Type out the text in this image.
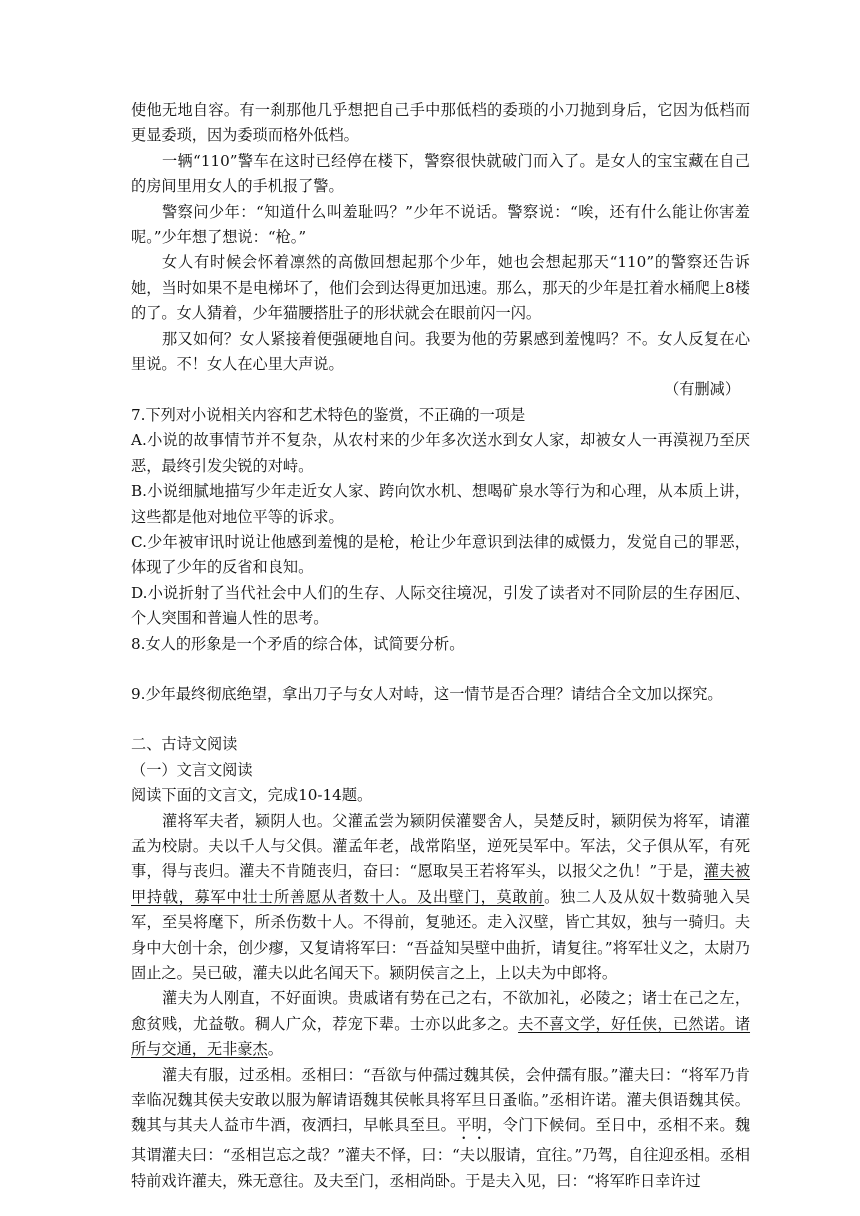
使他无地自容。有一刹那他几乎想把自己手中那低档的委琐的小刀抛到身后，它因为低档而更显委琐，因为委琐而格外低档。

一辆“110”警车在这时已经停在楼下，警察很快就破门而入了。是女人的宝宝藏在自己的房间里用女人的手机报了警。

警察问少年：“知道什么叫羞耻吗？”少年不说话。警察说：“唉，还有什么能让你害羞呢。”少年想了想说：“枪。”

女人有时候会怀着凛然的高傲回想起那个少年，她也会想起那天“110”的警察还告诉她，当时如果不是电梯坏了，他们会到达得更加迅速。那么，那天的少年是扛着水桶爬上8楼的了。女人猜着，少年猫腰搭肚子的形状就会在眼前闪一闪。

那又如何？女人紧接着便强硬地自问。我要为他的劳累感到羞愧吗？不。女人反复在心里说。不！女人在心里大声说。

（有删减）

7.下列对小说相关内容和艺术特色的鉴赏，不正确的一项是

A.小说的故事情节并不复杂，从农村来的少年多次送水到女人家，却被女人一再漠视乃至厌恶，最终引发尖锐的对峙。

B.小说细腻地描写少年走近女人家、跨向饮水机、想喝矿泉水等行为和心理，从本质上讲，这些都是他对地位平等的诉求。

C.少年被审讯时说让他感到羞愧的是枪，枪让少年意识到法律的威慑力，发觉自己的罪恶，体现了少年的反省和良知。

D.小说折射了当代社会中人们的生存、人际交往境况，引发了读者对不同阶层的生存困厄、个人突围和普遍人性的思考。

8.女人的形象是一个矛盾的综合体，试简要分析。

9.少年最终彻底绝望，拿出刀子与女人对峙，这一情节是否合理？请结合全文加以探究。

二、古诗文阅读

（一）文言文阅读

阅读下面的文言文，完成10-14题。

灌将军夫者，颍阴人也。父灌孟尝为颍阴侯灌婴舍人，吴楚反时，颍阴侯为将军，请灌孟为校尉。夫以千人与父俱。灌孟年老，战常陷坚，逆死吴军中。军法，父子俱从军，有死事，得与丧归。灌夫不肯随丧归，奋曰：“愿取吴王若将军头，以报父之仇！”于是，灌夫被甲持戟，募军中壮士所善愿从者数十人。及出壁门，莫敢前。独二人及从奴十数骑驰入吴军，至吴将麾下，所杀伤数十人。不得前，复驰还。走入汉壁，皆亡其奴，独与一骑归。夫身中大创十余，创少瘳，又复请将军曰：“吾益知吴壁中曲折，请复往。”将军壮义之，太尉乃固止之。吴已破，灌夫以此名闻天下。颍阴侯言之上，上以夫为中郎将。

灌夫为人刚直，不好面谀。贵戚诸有势在己之右，不欲加礼，必陵之；诸士在己之左，愈贫贱，尤益敬。稠人广众，荐宠下辈。士亦以此多之。夫不喜文学，好任侠，已然诺。诸所与交通，无非豪杰。

灌夫有服，过丞相。丞相曰：“吾欲与仲孺过魏其侯，会仲孺有服。”灌夫曰：“将军乃肯幸临况魏其侯夫安敢以服为解请语魏其侯帐具将军旦日蚤临。”丞相许诺。灌夫俱语魏其侯。魏其与其夫人益市牛酒，夜洒扫，早帐具至旦。平明，令门下候伺。至日中，丞相不来。魏其谓灌夫曰：“丞相岂忘之哉？”灌夫不怿，曰：“夫以服请，宜往。”乃驾，自往迎丞相。丞相特前戏许灌夫，殊无意往。及夫至门，丞相尚卧。于是夫入见，曰：“将军昨日幸许过
